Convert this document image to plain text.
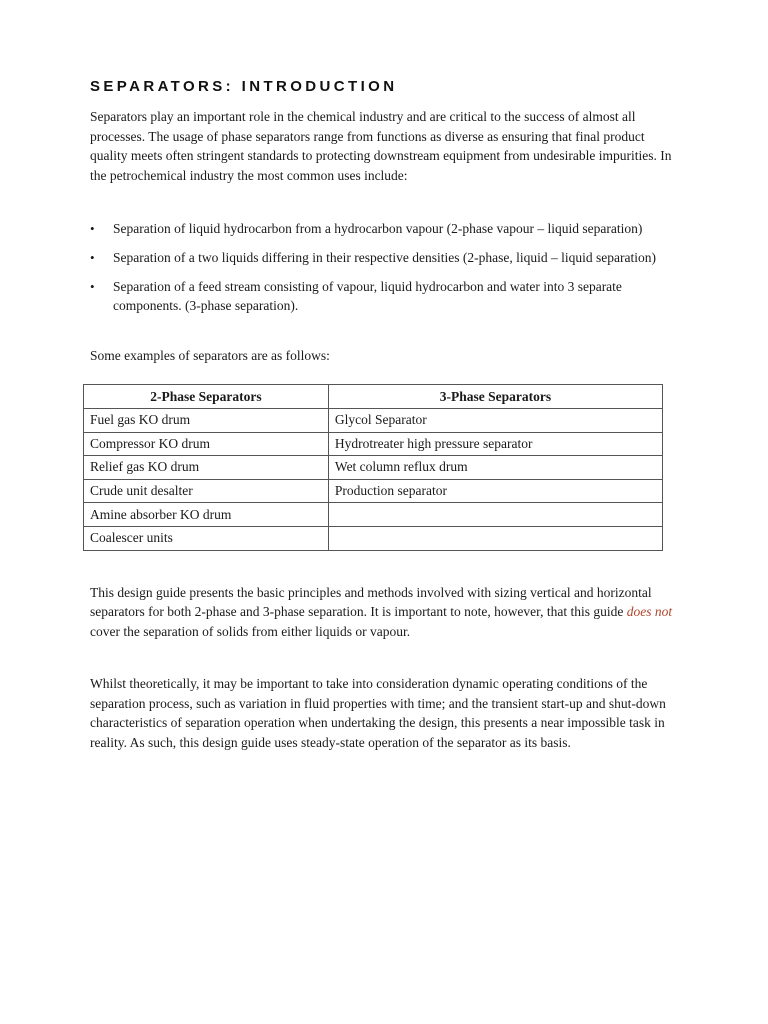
SEPARATORS: INTRODUCTION

Separators play an important role in the chemical industry and are critical to the success of almost all processes. The usage of phase separators range from functions as diverse as ensuring that final product quality meets often stringent standards to protecting downstream equipment from undesirable impurities. In the petrochemical industry the most common uses include:

• Separation of liquid hydrocarbon from a hydrocarbon vapour (2-phase vapour – liquid separation)
• Separation of a two liquids differing in their respective densities (2-phase, liquid – liquid separation)
• Separation of a feed stream consisting of vapour, liquid hydrocarbon and water into 3 separate components. (3-phase separation).

Some examples of separators are as follows:

2-Phase Separators	3-Phase Separators
Fuel gas KO drum	Glycol Separator
Compressor KO drum	Hydrotreater high pressure separator
Relief gas KO drum	Wet column reflux drum
Crude unit desalter	Production separator
Amine absorber KO drum	
Coalescer units	

This design guide presents the basic principles and methods involved with sizing vertical and horizontal separators for both 2-phase and 3-phase separation. It is important to note, however, that this guide does not cover the separation of solids from either liquids or vapour.

Whilst theoretically, it may be important to take into consideration dynamic operating conditions of the separation process, such as variation in fluid properties with time; and the transient start-up and shut-down characteristics of separation operation when undertaking the design, this presents a near impossible task in reality. As such, this design guide uses steady-state operation of the separator as its basis.
